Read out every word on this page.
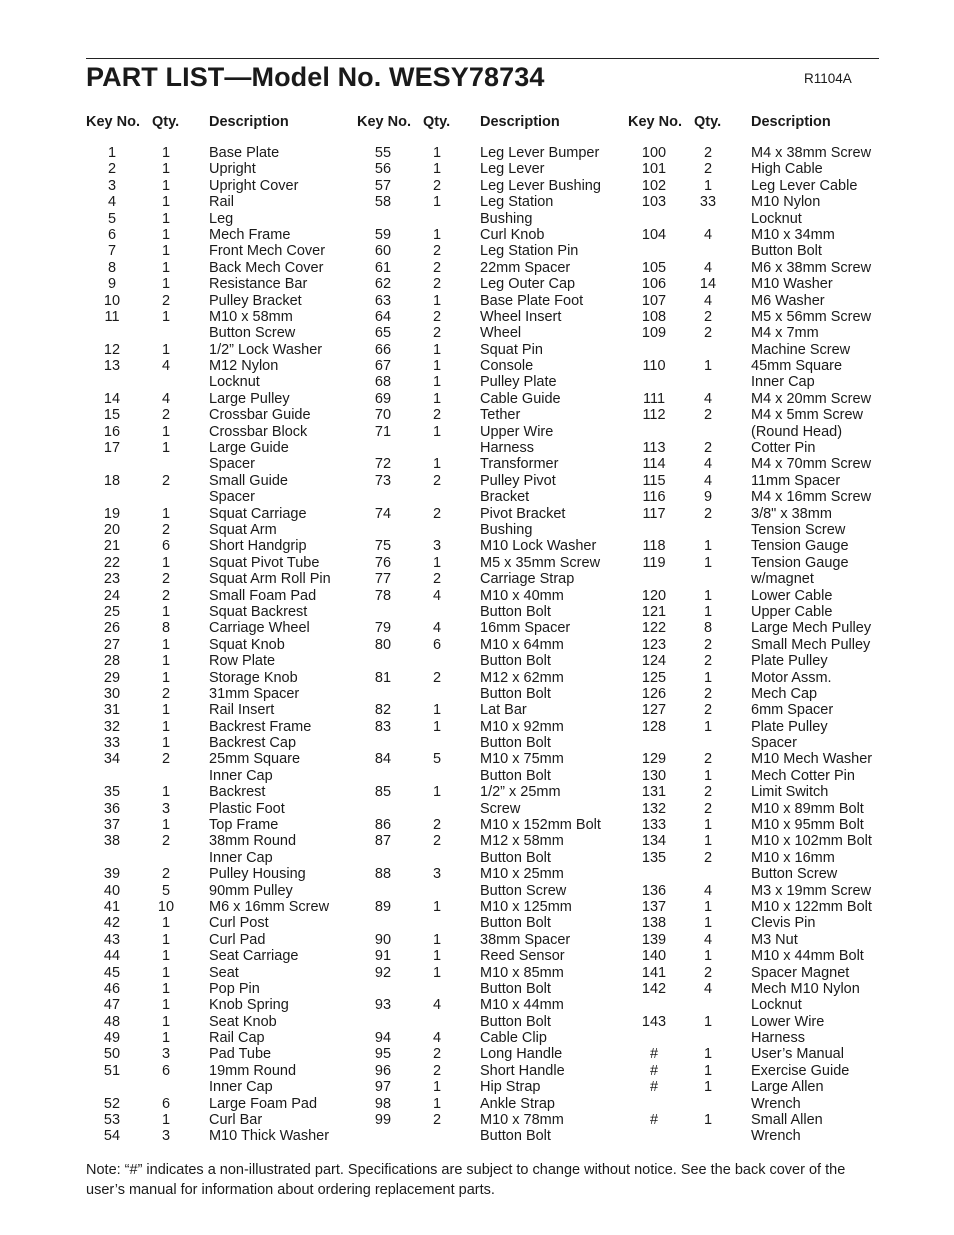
PART LIST—Model No. WESY78734	R1104A
Key No. Qty. Description
1	1	Base Plate
2	1	Upright
3	1	Upright Cover
4	1	Rail
5	1	Leg
6	1	Mech Frame
7	1	Front Mech Cover
8	1	Back Mech Cover
9	1	Resistance Bar
10	2	Pulley Bracket
11	1	M10 x 58mm
Button Screw
12	1	1/2” Lock Washer
13	4	M12 Nylon
Locknut
14	4	Large Pulley
15	2	Crossbar Guide
16	1	Crossbar Block
17	1	Large Guide
Spacer
18	2	Small Guide
Spacer
19	1	Squat Carriage
20	2	Squat Arm
21	6	Short Handgrip
22	1	Squat Pivot Tube
23	2	Squat Arm Roll Pin
24	2	Small Foam Pad
25	1	Squat Backrest
26	8	Carriage Wheel
27	1	Squat Knob
28	1	Row Plate
29	1	Storage Knob
30	2	31mm Spacer
31	1	Rail Insert
32	1	Backrest Frame
33	1	Backrest Cap
34	2	25mm Square
Inner Cap
35	1	Backrest
36	3	Plastic Foot
37	1	Top Frame
38	2	38mm Round
Inner Cap
39	2	Pulley Housing
40	5	90mm Pulley
41	10	M6 x 16mm Screw
42	1	Curl Post
43	1	Curl Pad
44	1	Seat Carriage
45	1	Seat
46	1	Pop Pin
47	1	Knob Spring
48	1	Seat Knob
49	1	Rail Cap
50	3	Pad Tube
51	6	19mm Round
Inner Cap
52	6	Large Foam Pad
53	1	Curl Bar
54	3	M10 Thick Washer
Key No. Qty. Description
55	1	Leg Lever Bumper
56	1	Leg Lever
57	2	Leg Lever Bushing
58	1	Leg Station
Bushing
59	1	Curl Knob
60	2	Leg Station Pin
61	2	22mm Spacer
62	2	Leg Outer Cap
63	1	Base Plate Foot
64	2	Wheel Insert
65	2	Wheel
66	1	Squat Pin
67	1	Console
68	1	Pulley Plate
69	1	Cable Guide
70	2	Tether
71	1	Upper Wire
Harness
72	1	Transformer
73	2	Pulley Pivot
Bracket
74	2	Pivot Bracket
Bushing
75	3	M10 Lock Washer
76	1	M5 x 35mm Screw
77	2	Carriage Strap
78	4	M10 x 40mm
Button Bolt
79	4	16mm Spacer
80	6	M10 x 64mm
Button Bolt
81	2	M12 x 62mm
Button Bolt
82	1	Lat Bar
83	1	M10 x 92mm
Button Bolt
84	5	M10 x 75mm
Button Bolt
85	1	1/2” x 25mm
Screw
86	2	M10 x 152mm Bolt
87	2	M12 x 58mm
Button Bolt
88	3	M10 x 25mm
Button Screw
89	1	M10 x 125mm
Button Bolt
90	1	38mm Spacer
91	1	Reed Sensor
92	1	M10 x 85mm
Button Bolt
93	4	M10 x 44mm
Button Bolt
94	4	Cable Clip
95	2	Long Handle
96	2	Short Handle
97	1	Hip Strap
98	1	Ankle Strap
99	2	M10 x 78mm
Button Bolt
Key No. Qty. Description
100	2	M4 x 38mm Screw
101	2	High Cable
102	1	Leg Lever Cable
103	33	M10 Nylon
Locknut
104	4	M10 x 34mm
Button Bolt
105	4	M6 x 38mm Screw
106	14	M10 Washer
107	4	M6 Washer
108	2	M5 x 56mm Screw
109	2	M4 x 7mm
Machine Screw
110	1	45mm Square
Inner Cap
111	4	M4 x 20mm Screw
112	2	M4 x 5mm Screw
(Round Head)
113	2	Cotter Pin
114	4	M4 x 70mm Screw
115	4	11mm Spacer
116	9	M4 x 16mm Screw
117	2	3/8" x 38mm
Tension Screw
118	1	Tension Gauge
119	1	Tension Gauge
w/magnet
120	1	Lower Cable
121	1	Upper Cable
122	8	Large Mech Pulley
123	2	Small Mech Pulley
124	2	Plate Pulley
125	1	Motor Assm.
126	2	Mech Cap
127	2	6mm Spacer
128	1	Plate Pulley
Spacer
129	2	M10 Mech Washer
130	1	Mech Cotter Pin
131	2	Limit Switch
132	2	M10 x 89mm Bolt
133	1	M10 x 95mm Bolt
134	1	M10 x 102mm Bolt
135	2	M10 x 16mm
Button Screw
136	4	M3 x 19mm Screw
137	1	M10 x 122mm Bolt
138	1	Clevis Pin
139	4	M3 Nut
140	1	M10 x 44mm Bolt
141	2	Spacer Magnet
142	4	Mech M10 Nylon
Locknut
143	1	Lower Wire
Harness
#	1	User’s Manual
#	1	Exercise Guide
#	1	Large Allen
Wrench
#	1	Small Allen
Wrench
Note: “#” indicates a non-illustrated part. Specifications are subject to change without notice. See the back cover of the user’s manual for information about ordering replacement parts.
